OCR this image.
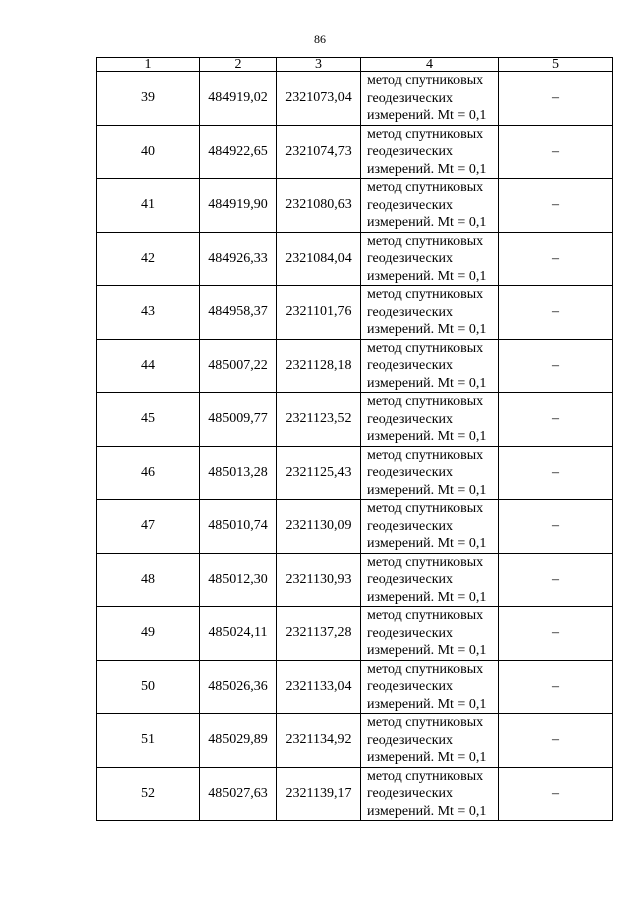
86
1	2	3	4	5
39	484919,02	2321073,04	метод спутниковых
геодезических
измерений. Mt = 0,1	–
40	484922,65	2321074,73	метод спутниковых
геодезических
измерений. Mt = 0,1	–
41	484919,90	2321080,63	метод спутниковых
геодезических
измерений. Mt = 0,1	–
42	484926,33	2321084,04	метод спутниковых
геодезических
измерений. Mt = 0,1	–
43	484958,37	2321101,76	метод спутниковых
геодезических
измерений. Mt = 0,1	–
44	485007,22	2321128,18	метод спутниковых
геодезических
измерений. Mt = 0,1	–
45	485009,77	2321123,52	метод спутниковых
геодезических
измерений. Mt = 0,1	–
46	485013,28	2321125,43	метод спутниковых
геодезических
измерений. Mt = 0,1	–
47	485010,74	2321130,09	метод спутниковых
геодезических
измерений. Mt = 0,1	–
48	485012,30	2321130,93	метод спутниковых
геодезических
измерений. Mt = 0,1	–
49	485024,11	2321137,28	метод спутниковых
геодезических
измерений. Mt = 0,1	–
50	485026,36	2321133,04	метод спутниковых
геодезических
измерений. Mt = 0,1	–
51	485029,89	2321134,92	метод спутниковых
геодезических
измерений. Mt = 0,1	–
52	485027,63	2321139,17	метод спутниковых
геодезических
измерений. Mt = 0,1	–
